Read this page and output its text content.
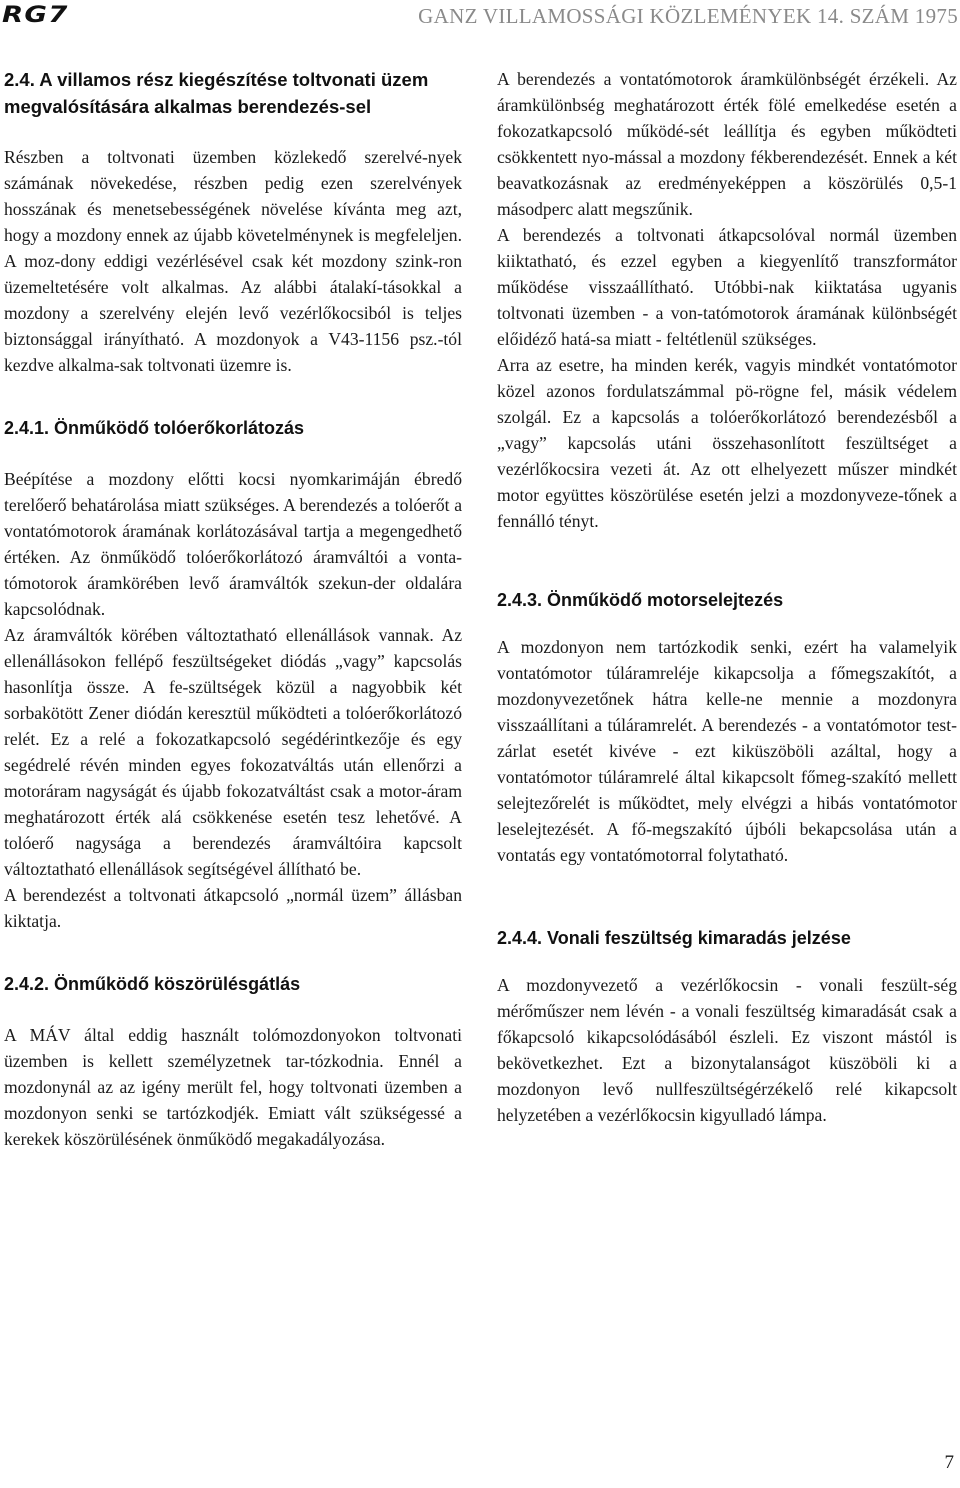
RG7	GANZ VILLAMOSSÁGI KÖZLEMÉNYEK 14. SZÁM 1975
2.4. A villamos rész kiegészítése toltvonati üzem megvalósítására alkalmas berendezés-sel

Részben a toltvonati üzemben közlekedő szerelvé-nyek számának növekedése, részben pedig ezen szerelvények hosszának és menetsebességének növelése kívánta meg azt, hogy a mozdony ennek az újabb követelménynek is megfeleljen. A moz-dony eddigi vezérlésével csak két mozdony szink-ron üzemeltetésére volt alkalmas. Az alábbi átalakí-tásokkal a mozdony a szerelvény elején levő vezérlőkocsiból is teljes biztonsággal irányítható. A mozdonyok a V43-1156 psz.-tól kezdve alkalma-sak toltvonati üzemre is.

2.4.1. Önműködő tolóerőkorlátozás

Beépítése a mozdony előtti kocsi nyomkarimáján ébredő terelőerő behatárolása miatt szükséges. A berendezés a tolóerőt a vontatómotorok áramának korlátozásával tartja a megengedhető értéken. Az önműködő tolóerőkorlátozó áramváltói a vonta-tómotorok áramkörében levő áramváltók szekun-der oldalára kapcsolódnak.

Az áramváltók körében változtatható ellenállások vannak. Az ellenállásokon fellépő feszültségeket diódás „vagy” kapcsolás hasonlítja össze. A fe-szültségek közül a nagyobbik két sorbakötött Zener diódán keresztül működteti a tolóerőkorlátozó relét. Ez a relé a fokozatkapcsoló segédérintkezője és egy segédrelé révén minden egyes fokozatváltás után ellenőrzi a motoráram nagyságát és újabb fokozatváltást csak a motor-áram meghatározott érték alá csökkenése esetén tesz lehetővé. A tolóerő nagysága a berendezés áramváltóira kapcsolt változtatható ellenállások segítségével állítható be.

A berendezést a toltvonati átkapcsoló „normál üzem” állásban kiktatja.

2.4.2. Önműködő köszörülésgátlás

A MÁV által eddig használt tolómozdonyokon toltvonati üzemben is kellett személyzetnek tar-tózkodnia. Ennél a mozdonynál az az igény merült fel, hogy toltvonati üzemben a mozdonyon senki se tartózkodjék. Emiatt vált szükségessé a kerekek köszörülésének önműködő megakadályozása.

A berendezés a vontatómotorok áramkülönbségét érzékeli. Az áramkülönbség meghatározott érték fölé emelkedése esetén a fokozatkapcsoló működé-sét leállítja és egyben működteti csökkentett nyo-mással a mozdony fékberendezését. Ennek a két beavatkozásnak az eredményeképpen a köszörülés 0,5-1 másodperc alatt megszűnik.

A berendezés a toltvonati átkapcsolóval normál üzemben kiiktatható, és ezzel egyben a kiegyenlítő transzformátor működése visszaállítható. Utóbbi-nak kiiktatása ugyanis toltvonati üzemben - a von-tatómotorok áramának különbségét előidéző hatá-sa miatt - feltétlenül szükséges.

Arra az esetre, ha minden kerék, vagyis mindkét vontatómotor közel azonos fordulatszámmal pö-rögne fel, másik védelem szolgál. Ez a kapcsolás a tolóerőkorlátozó berendezésből a „vagy” kapcsolás utáni összehasonlított feszültséget a vezérlőkocsira vezeti át. Az ott elhelyezett műszer mindkét motor együttes köszörülése esetén jelzi a mozdonyveze-tőnek a fennálló tényt.

2.4.3. Önműködő motorselejtezés

A mozdonyon nem tartózkodik senki, ezért ha valamelyik vontatómotor túláramreléje kikapcsolja a főmegszakítót, a mozdonyvezetőnek hátra kelle-ne mennie a mozdonyra visszaállítani a túláramrelét. A berendezés - a vontatómotor test-zárlat esetét kivéve - ezt kiküszöböli azáltal, hogy a vontatómotor túláramrelé által kikapcsolt főmeg-szakító mellett selejtezőrelét is működtet, mely elvégzi a hibás vontatómotor leselejtezését. A fő-megszakító újbóli bekapcsolása után a vontatás egy vontatómotorral folytatható.

2.4.4. Vonali feszültség kimaradás jelzése

A mozdonyvezető a vezérlőkocsin - vonali feszült-ség mérőműszer nem lévén - a vonali feszültség kimaradását csak a főkapcsoló kikapcsolódásából észleli. Ez viszont mástól is bekövetkezhet. Ezt a bizonytalanságot küszöböli ki a mozdonyon levő nullfeszültségérzékelő relé kikapcsolt helyzetében a vezérlőkocsin kigyulladó lámpa.

7
